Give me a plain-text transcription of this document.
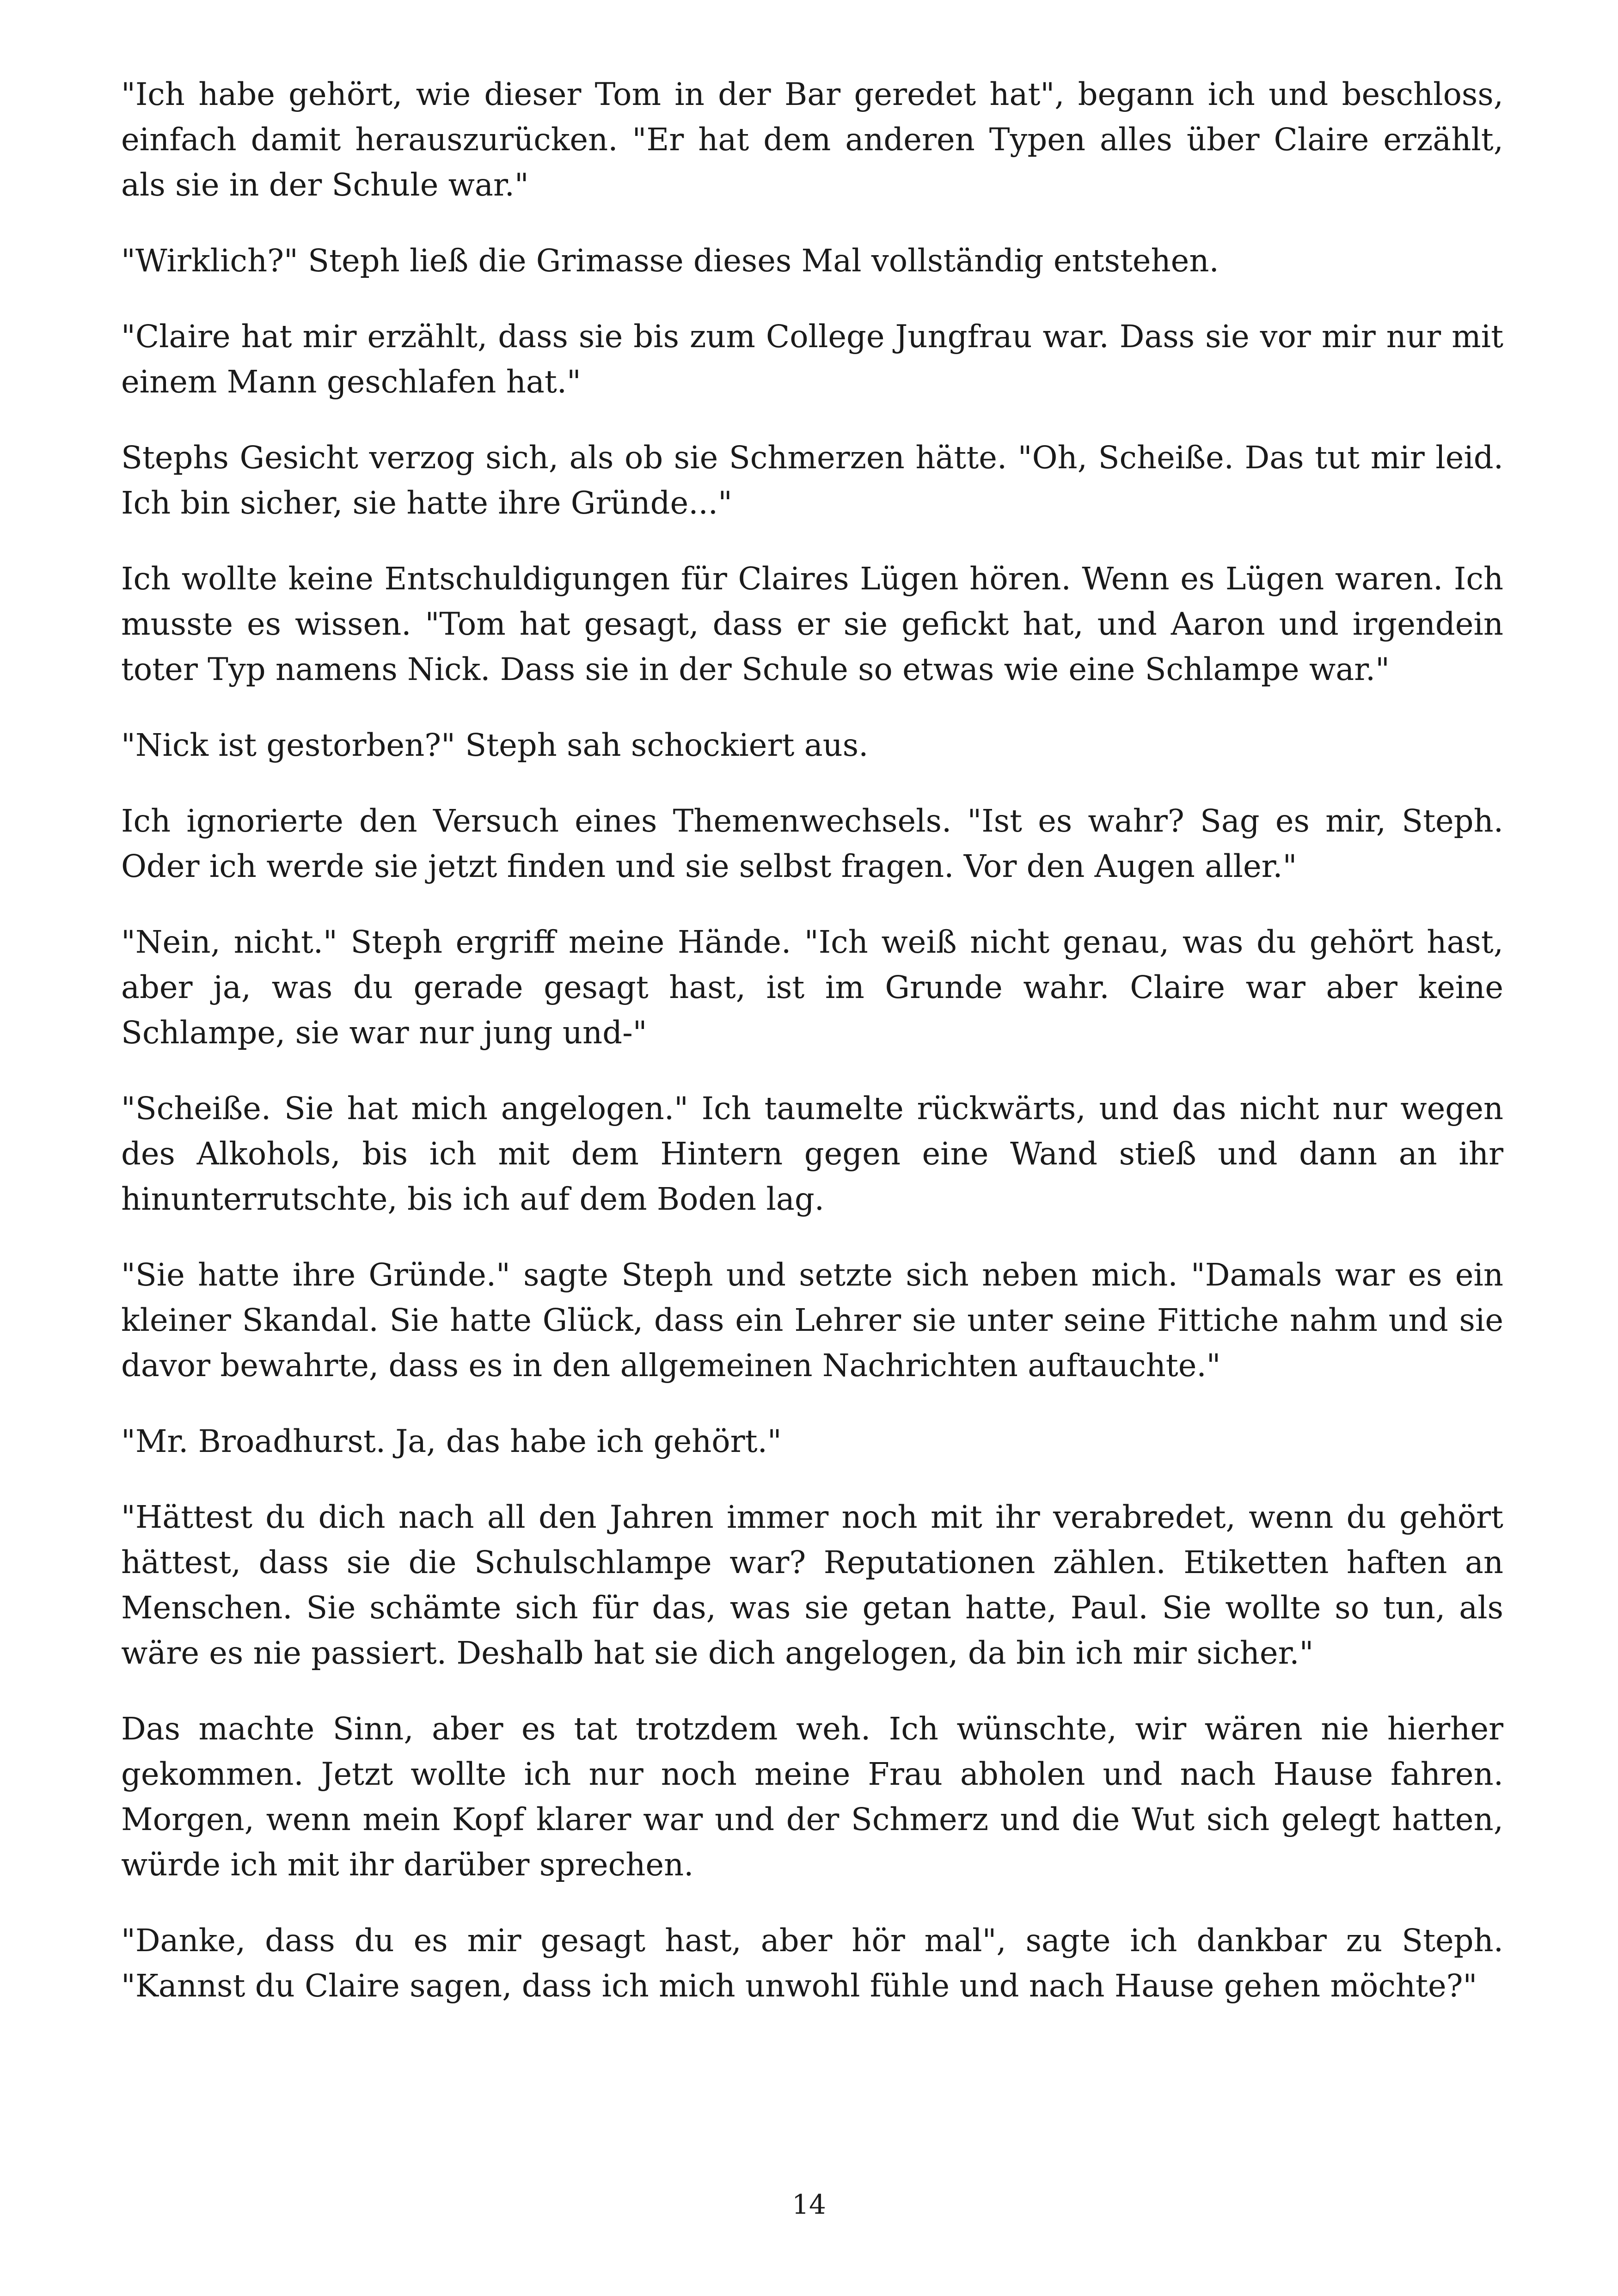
"Ich habe gehört, wie dieser Tom in der Bar geredet hat", begann ich und beschloss, einfach damit herauszurücken. "Er hat dem anderen Typen alles über Claire erzählt, als sie in der Schule war."

"Wirklich?" Steph ließ die Grimasse dieses Mal vollständig entstehen.

"Claire hat mir erzählt, dass sie bis zum College Jungfrau war. Dass sie vor mir nur mit einem Mann geschlafen hat."

Stephs Gesicht verzog sich, als ob sie Schmerzen hätte. "Oh, Scheiße. Das tut mir leid. Ich bin sicher, sie hatte ihre Gründe..."

Ich wollte keine Entschuldigungen für Claires Lügen hören. Wenn es Lügen waren. Ich musste es wissen. "Tom hat gesagt, dass er sie gefickt hat, und Aaron und irgendein toter Typ namens Nick. Dass sie in der Schule so etwas wie eine Schlampe war."

"Nick ist gestorben?" Steph sah schockiert aus.

Ich ignorierte den Versuch eines Themenwechsels. "Ist es wahr? Sag es mir, Steph. Oder ich werde sie jetzt finden und sie selbst fragen. Vor den Augen aller."

"Nein, nicht." Steph ergriff meine Hände. "Ich weiß nicht genau, was du gehört hast, aber ja, was du gerade gesagt hast, ist im Grunde wahr. Claire war aber keine Schlampe, sie war nur jung und-"

"Scheiße. Sie hat mich angelogen." Ich taumelte rückwärts, und das nicht nur wegen des Alkohols, bis ich mit dem Hintern gegen eine Wand stieß und dann an ihr hinunterrutschte, bis ich auf dem Boden lag.

"Sie hatte ihre Gründe." sagte Steph und setzte sich neben mich. "Damals war es ein kleiner Skandal. Sie hatte Glück, dass ein Lehrer sie unter seine Fittiche nahm und sie davor bewahrte, dass es in den allgemeinen Nachrichten auftauchte."

"Mr. Broadhurst. Ja, das habe ich gehört."

"Hättest du dich nach all den Jahren immer noch mit ihr verabredet, wenn du gehört hättest, dass sie die Schulschlampe war? Reputationen zählen. Etiketten haften an Menschen. Sie schämte sich für das, was sie getan hatte, Paul. Sie wollte so tun, als wäre es nie passiert. Deshalb hat sie dich angelogen, da bin ich mir sicher."

Das machte Sinn, aber es tat trotzdem weh. Ich wünschte, wir wären nie hierher gekommen. Jetzt wollte ich nur noch meine Frau abholen und nach Hause fahren. Morgen, wenn mein Kopf klarer war und der Schmerz und die Wut sich gelegt hatten, würde ich mit ihr darüber sprechen.

"Danke, dass du es mir gesagt hast, aber hör mal", sagte ich dankbar zu Steph. "Kannst du Claire sagen, dass ich mich unwohl fühle und nach Hause gehen möchte?"

14
